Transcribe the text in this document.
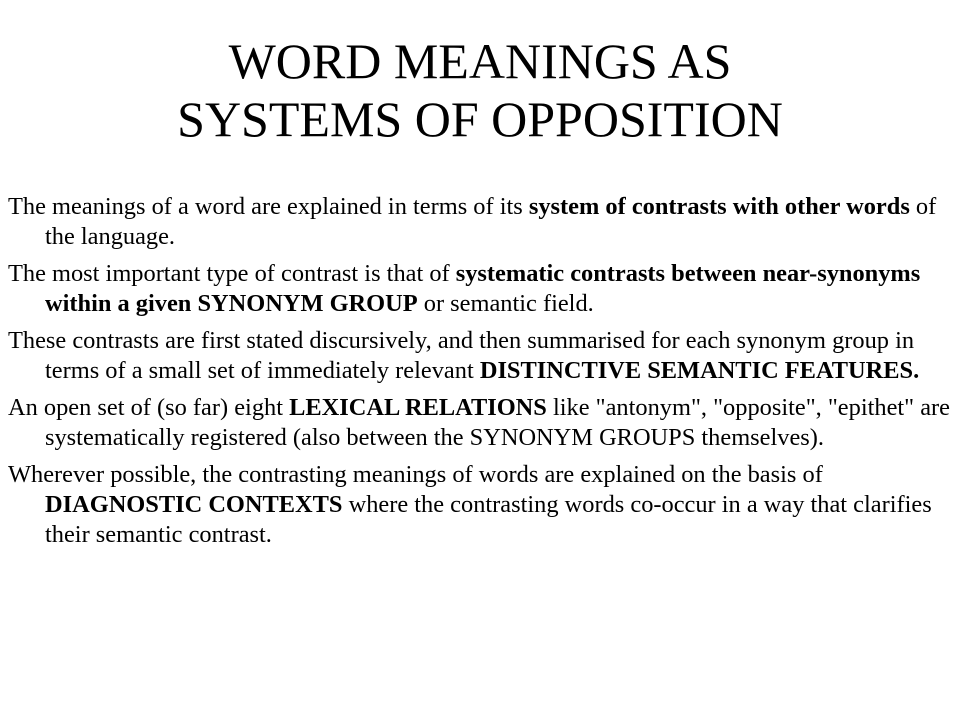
WORD MEANINGS AS
SYSTEMS OF OPPOSITION
The meanings of a word are explained in terms of its system of contrasts with other words of the language.
The most important type of contrast is that of systematic contrasts between near-synonyms within a given SYNONYM GROUP or semantic field.
These contrasts are first stated discursively, and then summarised for each synonym group in terms of a small set of immediately relevant DISTINCTIVE SEMANTIC FEATURES.
An open set of (so far) eight LEXICAL RELATIONS like "antonym", "opposite", "epithet" are systematically registered (also between the SYNONYM GROUPS themselves).
Wherever possible, the contrasting meanings of words are explained on the basis of DIAGNOSTIC CONTEXTS where the contrasting words co-occur in a way that clarifies their semantic contrast.
